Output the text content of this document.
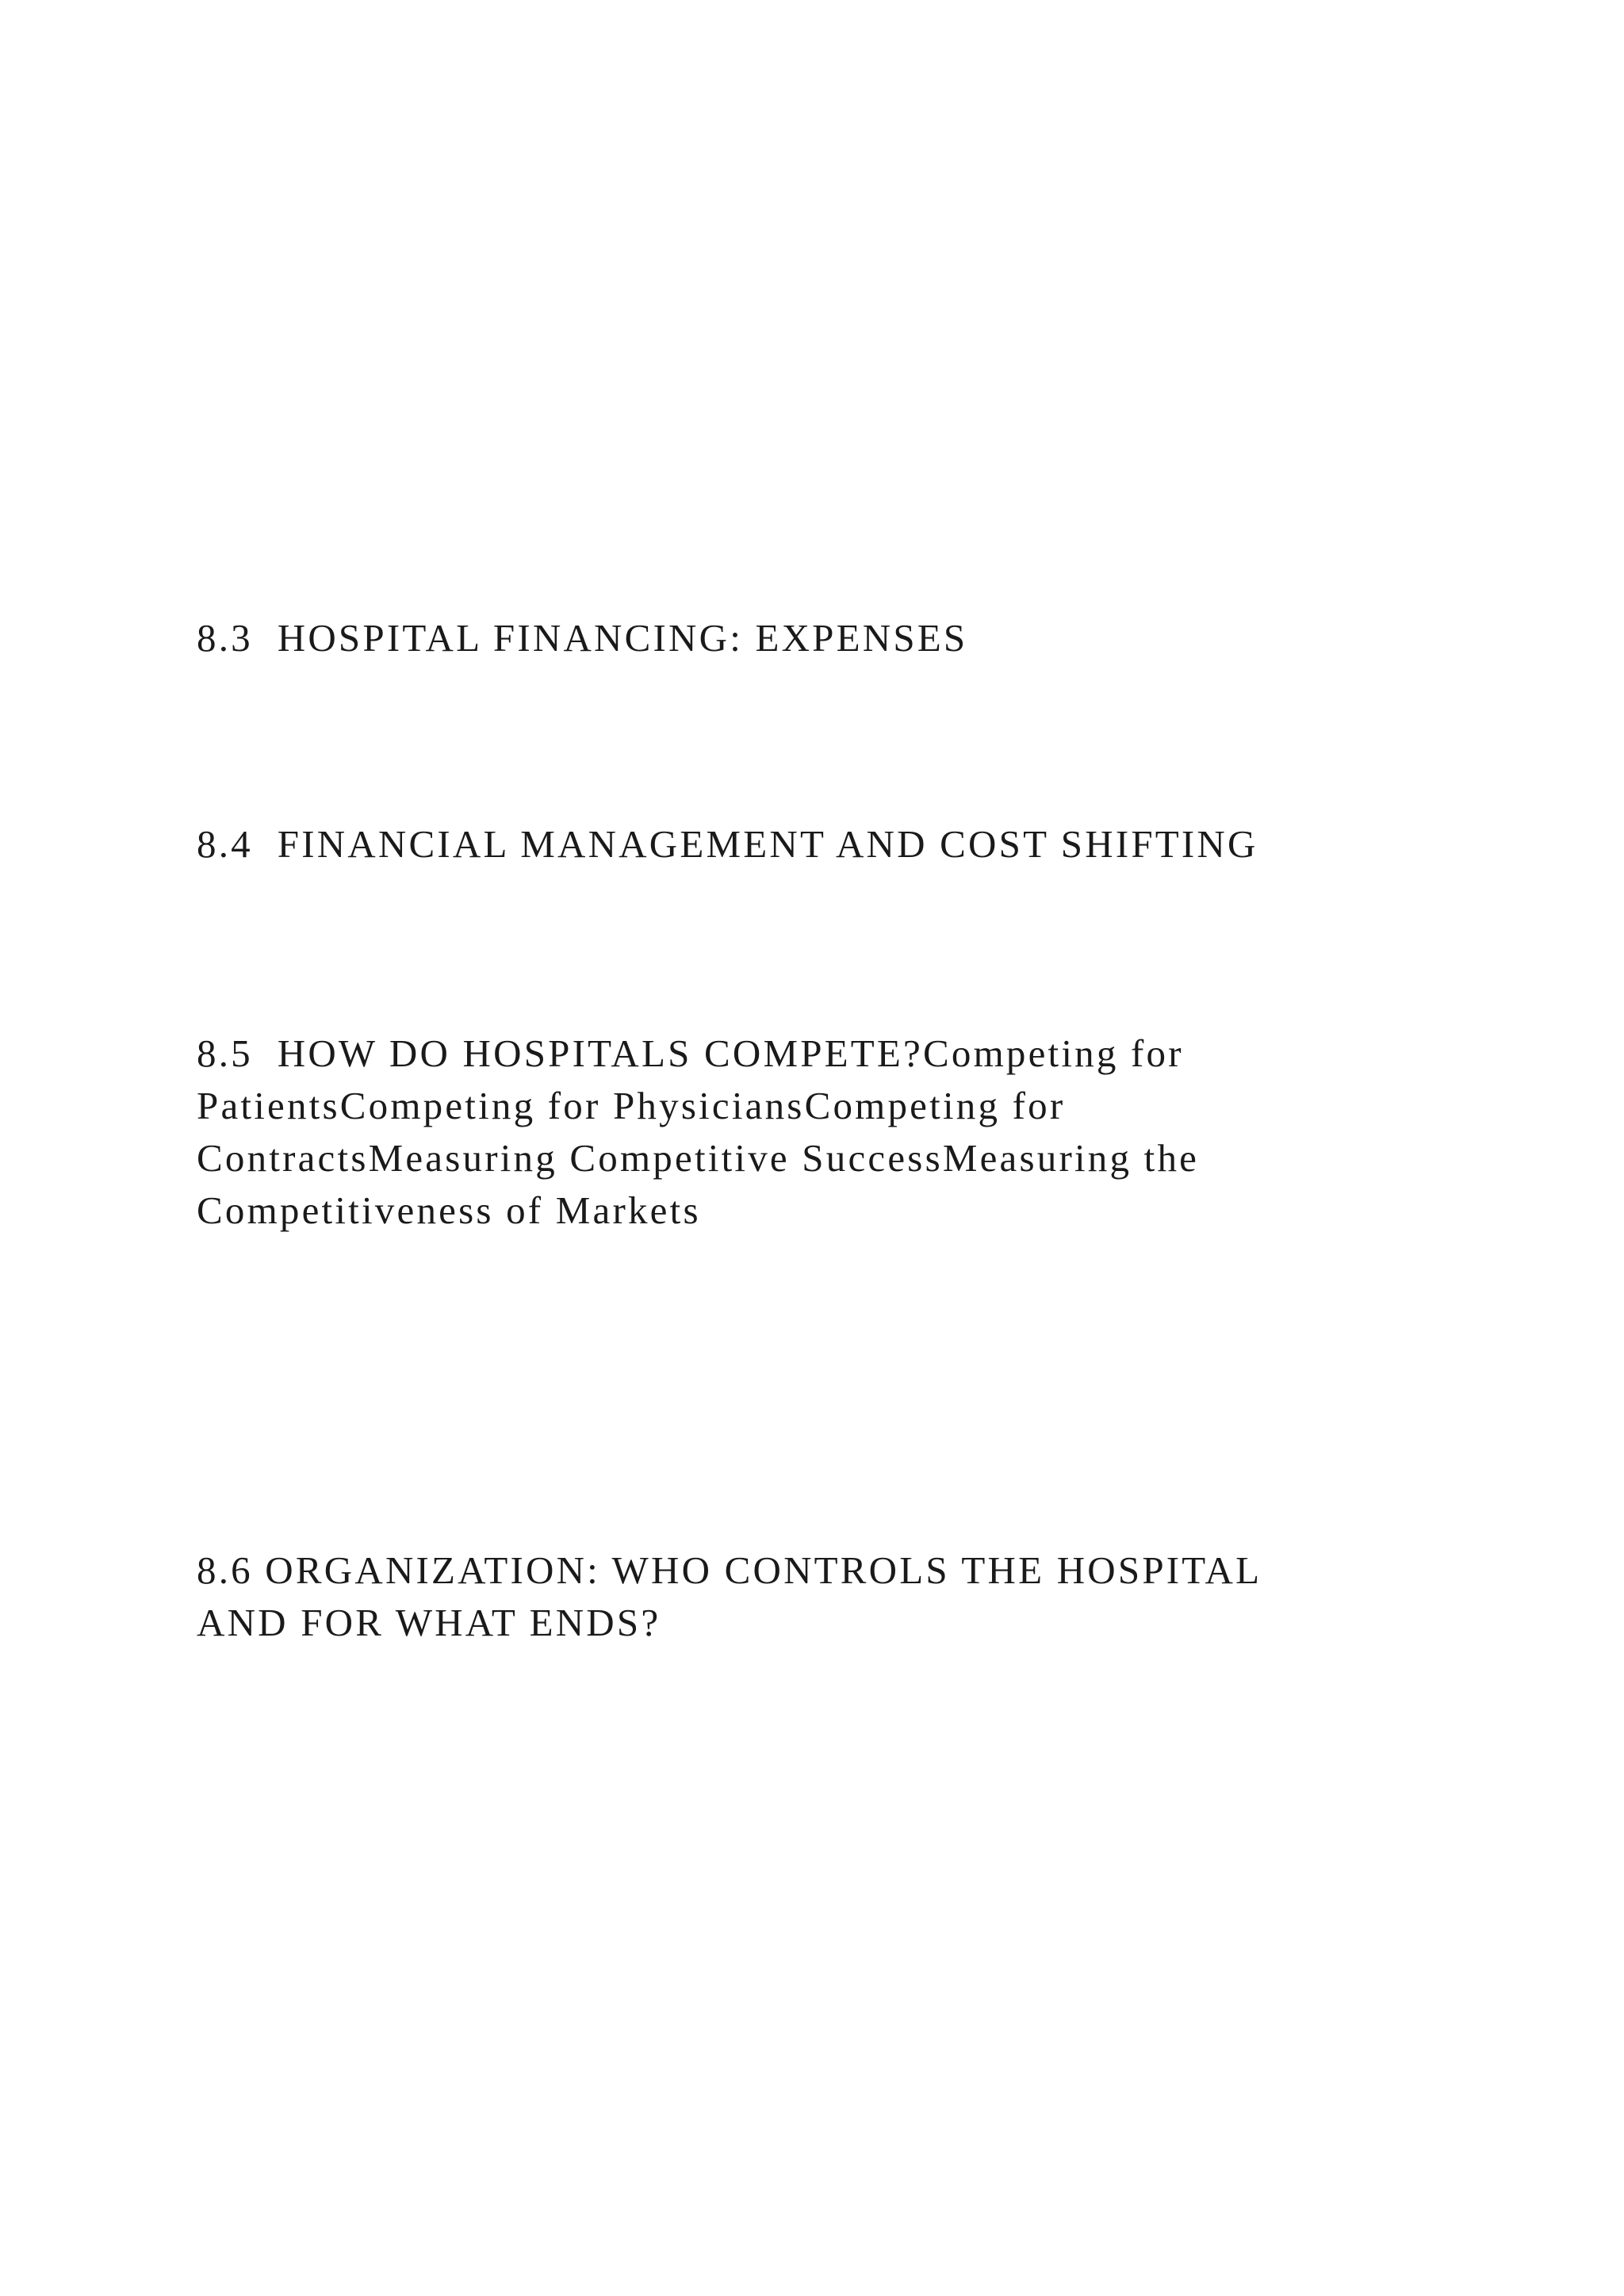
8.3  HOSPITAL FINANCING: EXPENSES
8.4  FINANCIAL MANAGEMENT AND COST SHIFTING
8.5  HOW DO HOSPITALS COMPETE?Competing for
PatientsCompeting for PhysiciansCompeting for
ContractsMeasuring Competitive SuccessMeasuring the
Competitiveness of Markets
8.6 ORGANIZATION: WHO CONTROLS THE HOSPITAL
AND FOR WHAT ENDS?
